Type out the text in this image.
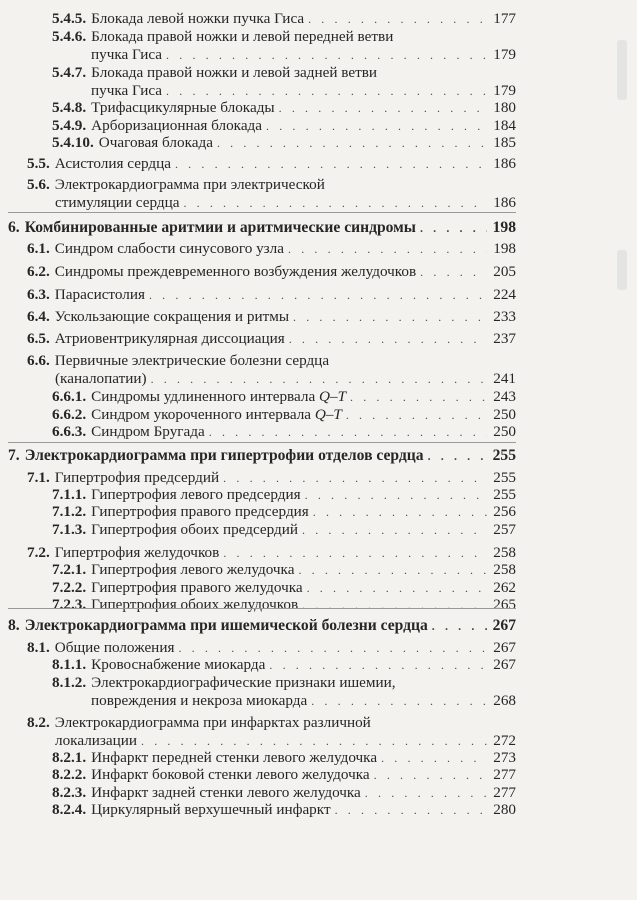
5.4.5. Блокада левой ножки пучка Гиса . . .	177
5.4.6. Блокада правой ножки и левой передней ветви
пучка Гиса . . .	179
5.4.7. Блокада правой ножки и левой задней ветви
пучка Гиса . . .	179
5.4.8. Трифасцикулярные блокады . . .	180
5.4.9. Арборизационная блокада . . .	184
5.4.10. Очаговая блокада . . .	185
5.5. Асистолия сердца . . .	186
5.6. Электрокардиограмма при электрической
стимуляции сердца . . .	186
6. Комбинированные аритмии и аритмические синдромы . . .	198
6.1. Синдром слабости синусового узла . . .	198
6.2. Синдромы преждевременного возбуждения желудочков . . .	205
6.3. Парасистолия . . .	224
6.4. Ускользающие сокращения и ритмы . . .	233
6.5. Атриовентрикулярная диссоциация . . .	237
6.6. Первичные электрические болезни сердца
(каналопатии) . . .	241
6.6.1. Синдромы удлиненного интервала Q–T . . .	243
6.6.2. Синдром укороченного интервала Q–T . . .	250
6.6.3. Синдром Бругада . . .	250
7. Электрокардиограмма при гипертрофии отделов сердца . . .	255
7.1. Гипертрофия предсердий . . .	255
7.1.1. Гипертрофия левого предсердия . . .	255
7.1.2. Гипертрофия правого предсердия . . .	256
7.1.3. Гипертрофия обоих предсердий . . .	257
7.2. Гипертрофия желудочков . . .	258
7.2.1. Гипертрофия левого желудочка . . .	258
7.2.2. Гипертрофия правого желудочка . . .	262
7.2.3. Гипертрофия обоих желудочков . . .	265
8. Электрокардиограмма при ишемической болезни сердца . . .	267
8.1. Общие положения . . .	267
8.1.1. Кровоснабжение миокарда . . .	267
8.1.2. Электрокардиографические признаки ишемии,
повреждения и некроза миокарда . . .	268
8.2. Электрокардиограмма при инфарктах различной
локализации . . .	272
8.2.1. Инфаркт передней стенки левого желудочка . . .	273
8.2.2. Инфаркт боковой стенки левого желудочка . . .	277
8.2.3. Инфаркт задней стенки левого желудочка . . .	277
8.2.4. Циркулярный верхушечный инфаркт . . .	280
